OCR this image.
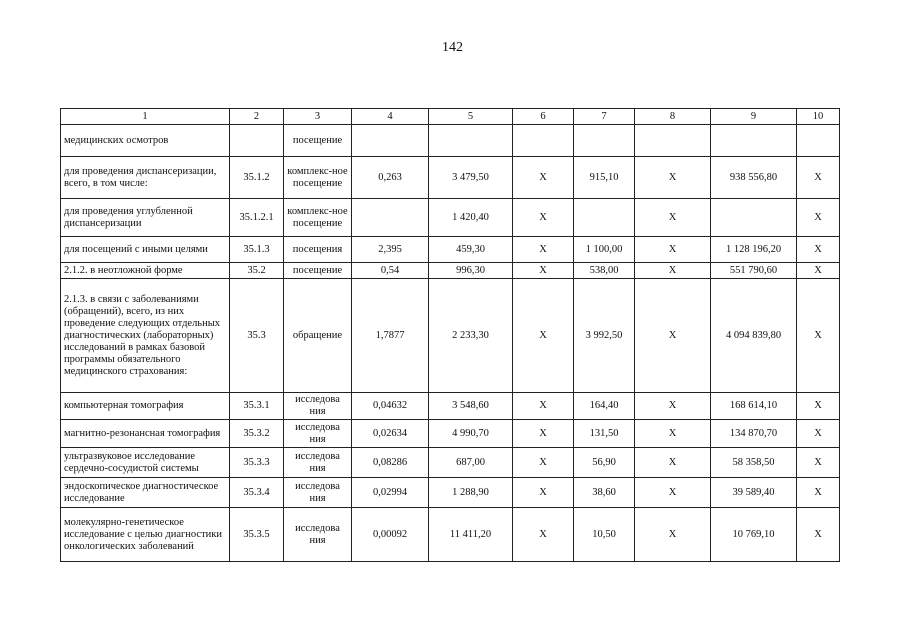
142
1	2	3	4	5	6	7	8	9	10
медицинских осмотров		посещение							
для проведения диспансеризации, всего, в том числе:	35.1.2	комплекс-ное посещение	0,263	3 479,50	X	915,10	X	938 556,80	X
для проведения углубленной диспансеризации	35.1.2.1	комплекс-ное посещение		1 420,40	X		X		X
для посещений с иными целями	35.1.3	посещения	2,395	459,30	X	1 100,00	X	1 128 196,20	X
2.1.2. в неотложной форме	35.2	посещение	0,54	996,30	X	538,00	X	551 790,60	X
2.1.3. в связи с заболеваниями (обращений), всего, из них проведение следующих отдельных диагностических (лабораторных) исследований в рамках базовой программы обязательного медицинского страхования:	35.3	обращение	1,7877	2 233,30	X	3 992,50	X	4 094 839,80	X
компьютерная томография	35.3.1	исследова ния	0,04632	3 548,60	X	164,40	X	168 614,10	X
магнитно-резонансная томография	35.3.2	исследова ния	0,02634	4 990,70	X	131,50	X	134 870,70	X
ультразвуковое исследование сердечно-сосудистой системы	35.3.3	исследова ния	0,08286	687,00	X	56,90	X	58 358,50	X
эндоскопическое диагностическое исследование	35.3.4	исследова ния	0,02994	1 288,90	X	38,60	X	39 589,40	X
молекулярно-генетическое исследование с целью диагностики онкологических заболеваний	35.3.5	исследова ния	0,00092	11 411,20	X	10,50	X	10 769,10	X
